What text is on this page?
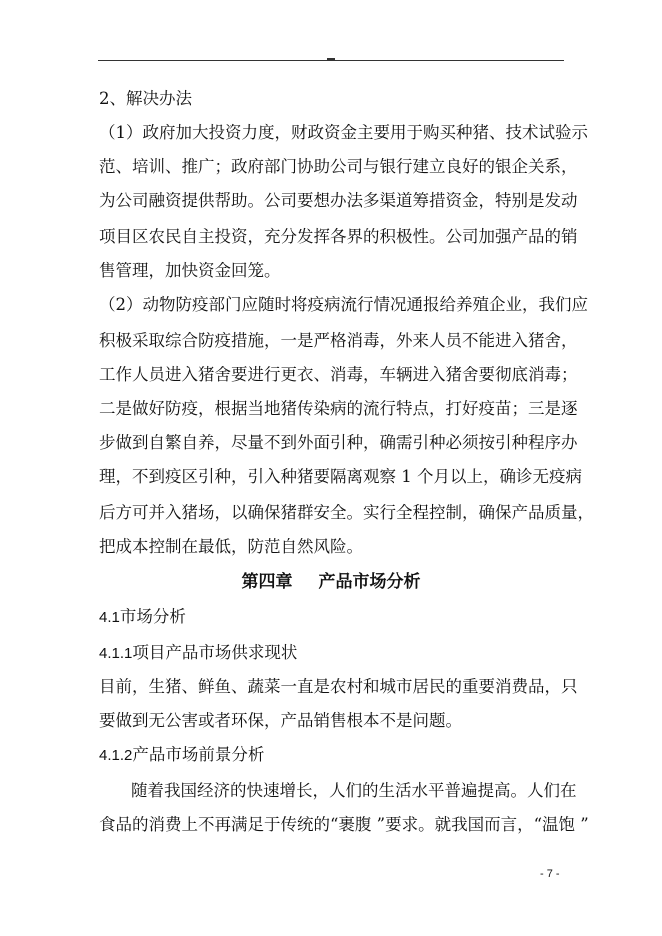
2、解决办法
（1）政府加大投资力度，财政资金主要用于购买种猪、技术试验示
范、培训、推广；政府部门协助公司与银行建立良好的银企关系，
为公司融资提供帮助。公司要想办法多渠道筹措资金，特别是发动
项目区农民自主投资，充分发挥各界的积极性。公司加强产品的销
售管理，加快资金回笼。
（2）动物防疫部门应随时将疫病流行情况通报给养殖企业，我们应
积极采取综合防疫措施，一是严格消毒，外来人员不能进入猪舍，
工作人员进入猪舍要进行更衣、消毒，车辆进入猪舍要彻底消毒；
二是做好防疫，根据当地猪传染病的流行特点，打好疫苗；三是逐
步做到自繁自养，尽量不到外面引种，确需引种必须按引种程序办
理，不到疫区引种，引入种猪要隔离观察 1 个月以上，确诊无疫病
后方可并入猪场，以确保猪群安全。实行全程控制，确保产品质量，
把成本控制在最低，防范自然风险。
第四章 产品市场分析
4.1市场分析
4.1.1项目产品市场供求现状
目前，生猪、鲜鱼、蔬菜一直是农村和城市居民的重要消费品，只
要做到无公害或者环保，产品销售根本不是问题。
4.1.2产品市场前景分析
随着我国经济的快速增长，人们的生活水平普遍提高。人们在
食品的消费上不再满足于传统的“裹腹 ”要求。就我国而言，“温饱 ”
- 7 -
